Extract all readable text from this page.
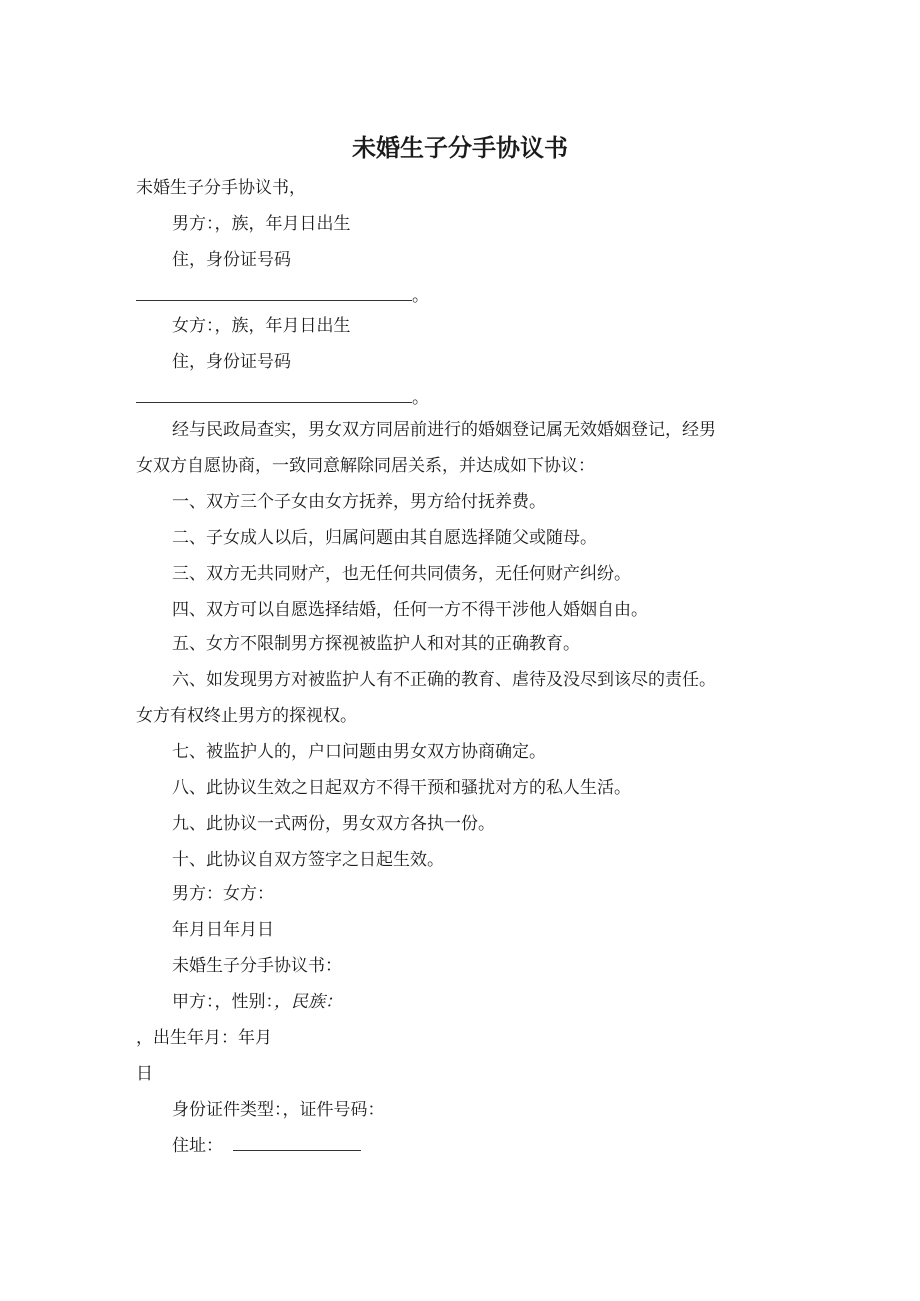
未婚生子分手协议书
未婚生子分手协议书，
男方：，族，年月日出生
住，身份证号码
。
女方：，族，年月日出生
住，身份证号码
。
经与民政局查实，男女双方同居前进行的婚姻登记属无效婚姻登记，经男
女双方自愿协商，一致同意解除同居关系，并达成如下协议：
一、双方三个子女由女方抚养，男方给付抚养费。
二、子女成人以后，归属问题由其自愿选择随父或随母。
三、双方无共同财产，也无任何共同债务，无任何财产纠纷。
四、双方可以自愿选择结婚，任何一方不得干涉他人婚姻自由。
五、女方不限制男方探视被监护人和对其的正确教育。
六、如发现男方对被监护人有不正确的教育、虐待及没尽到该尽的责任。
女方有权终止男方的探视权。
七、被监护人的，户口问题由男女双方协商确定。
八、此协议生效之日起双方不得干预和骚扰对方的私人生活。
九、此协议一式两份，男女双方各执一份。
十、此协议自双方签字之日起生效。
男方：女方：
年月日年月日
未婚生子分手协议书：
甲方：，性别：，民族：
，出生年月：年月
日
身份证件类型：，证件号码：
住址：
